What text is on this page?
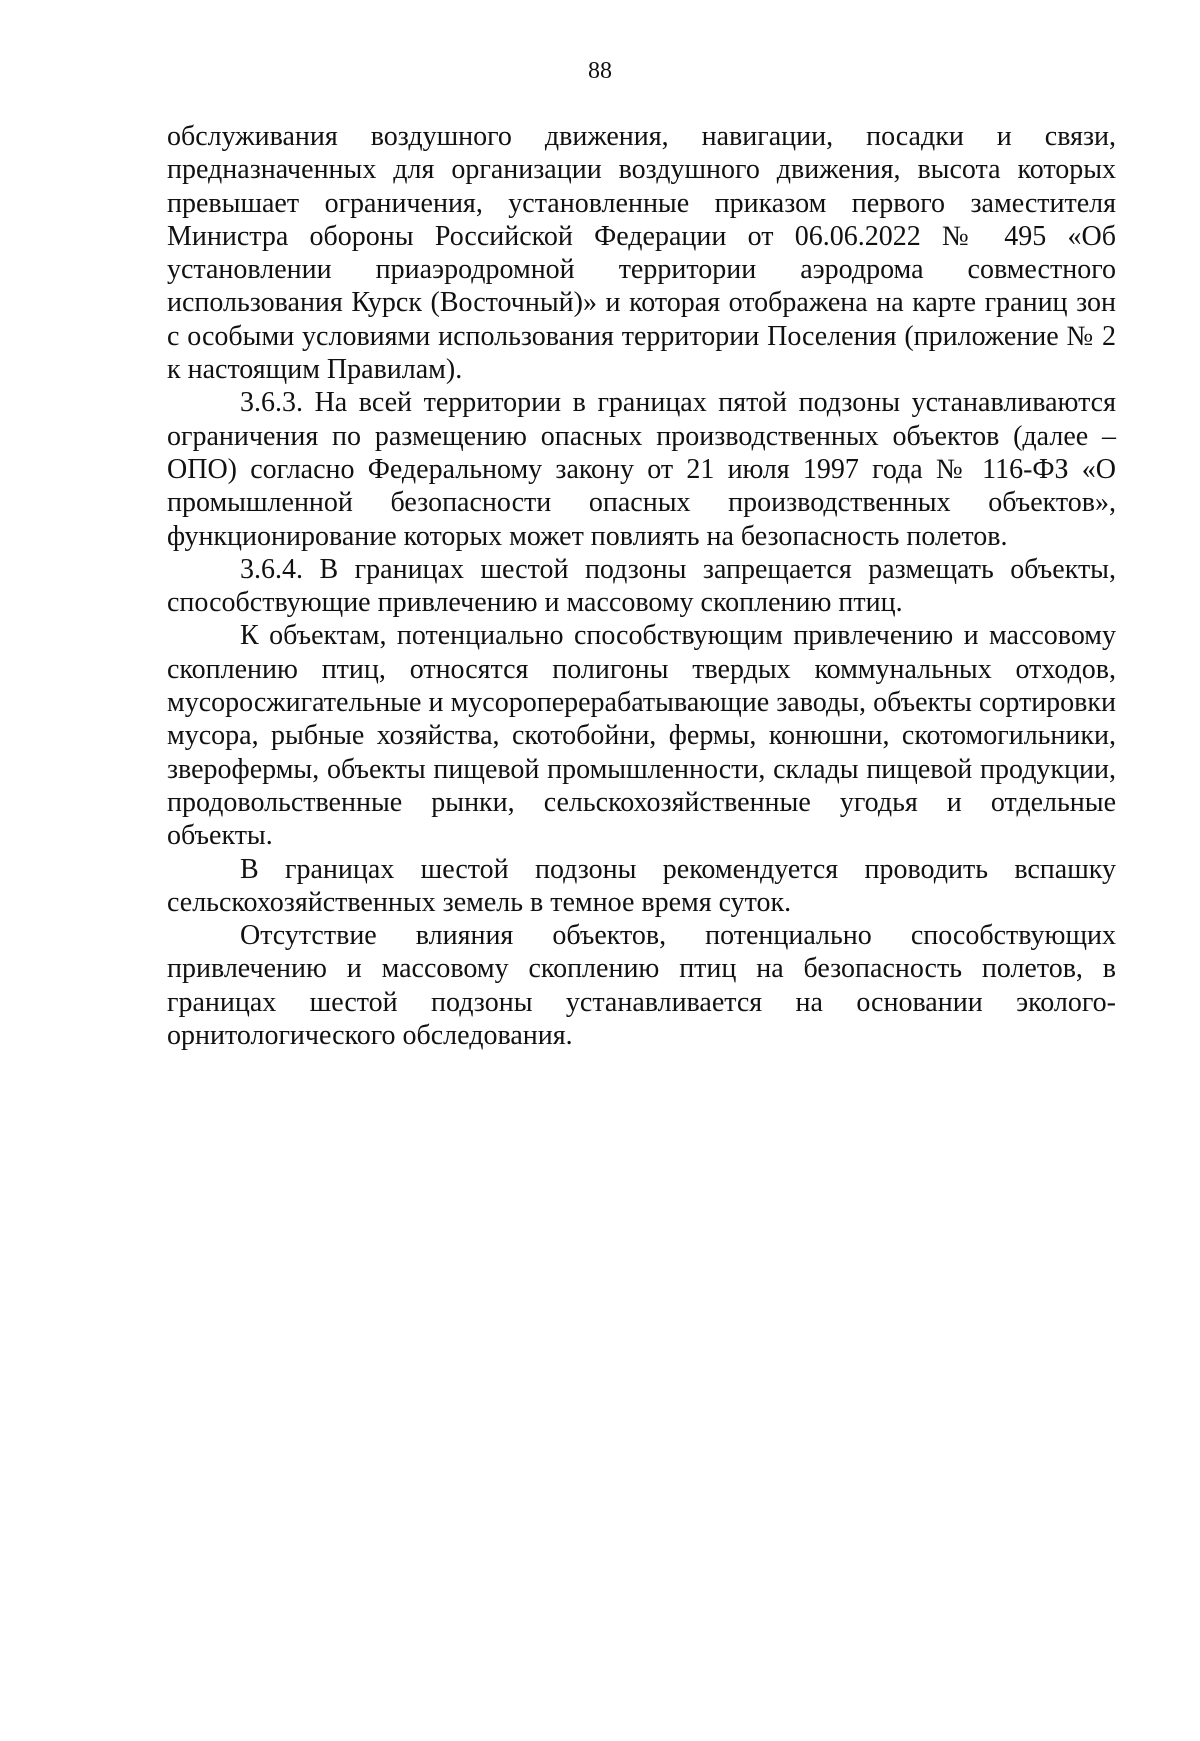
88

обслуживания воздушного движения, навигации, посадки и связи, предназначенных для организации воздушного движения, высота которых превышает ограничения, установленные приказом первого заместителя Министра обороны Российской Федерации от 06.06.2022 № 495 «Об установлении приаэродромной территории аэродрома совместного использования Курск (Восточный)» и которая отображена на карте границ зон с особыми условиями использования территории Поселения (приложение № 2 к настоящим Правилам).

3.6.3. На всей территории в границах пятой подзоны устанавливаются ограничения по размещению опасных производственных объектов (далее – ОПО) согласно Федеральному закону от 21 июля 1997 года № 116-ФЗ «О промышленной безопасности опасных производственных объектов», функционирование которых может повлиять на безопасность полетов.

3.6.4. В границах шестой подзоны запрещается размещать объекты, способствующие привлечению и массовому скоплению птиц.

К объектам, потенциально способствующим привлечению и массовому скоплению птиц, относятся полигоны твердых коммунальных отходов, мусоросжигательные и мусороперерабатывающие заводы, объекты сортировки мусора, рыбные хозяйства, скотобойни, фермы, конюшни, скотомогильники, зверофермы, объекты пищевой промышленности, склады пищевой продукции, продовольственные рынки, сельскохозяйственные угодья и отдельные объекты.

В границах шестой подзоны рекомендуется проводить вспашку сельскохозяйственных земель в темное время суток.

Отсутствие влияния объектов, потенциально способствующих привлечению и массовому скоплению птиц на безопасность полетов, в границах шестой подзоны устанавливается на основании эколого-орнитологического обследования.
